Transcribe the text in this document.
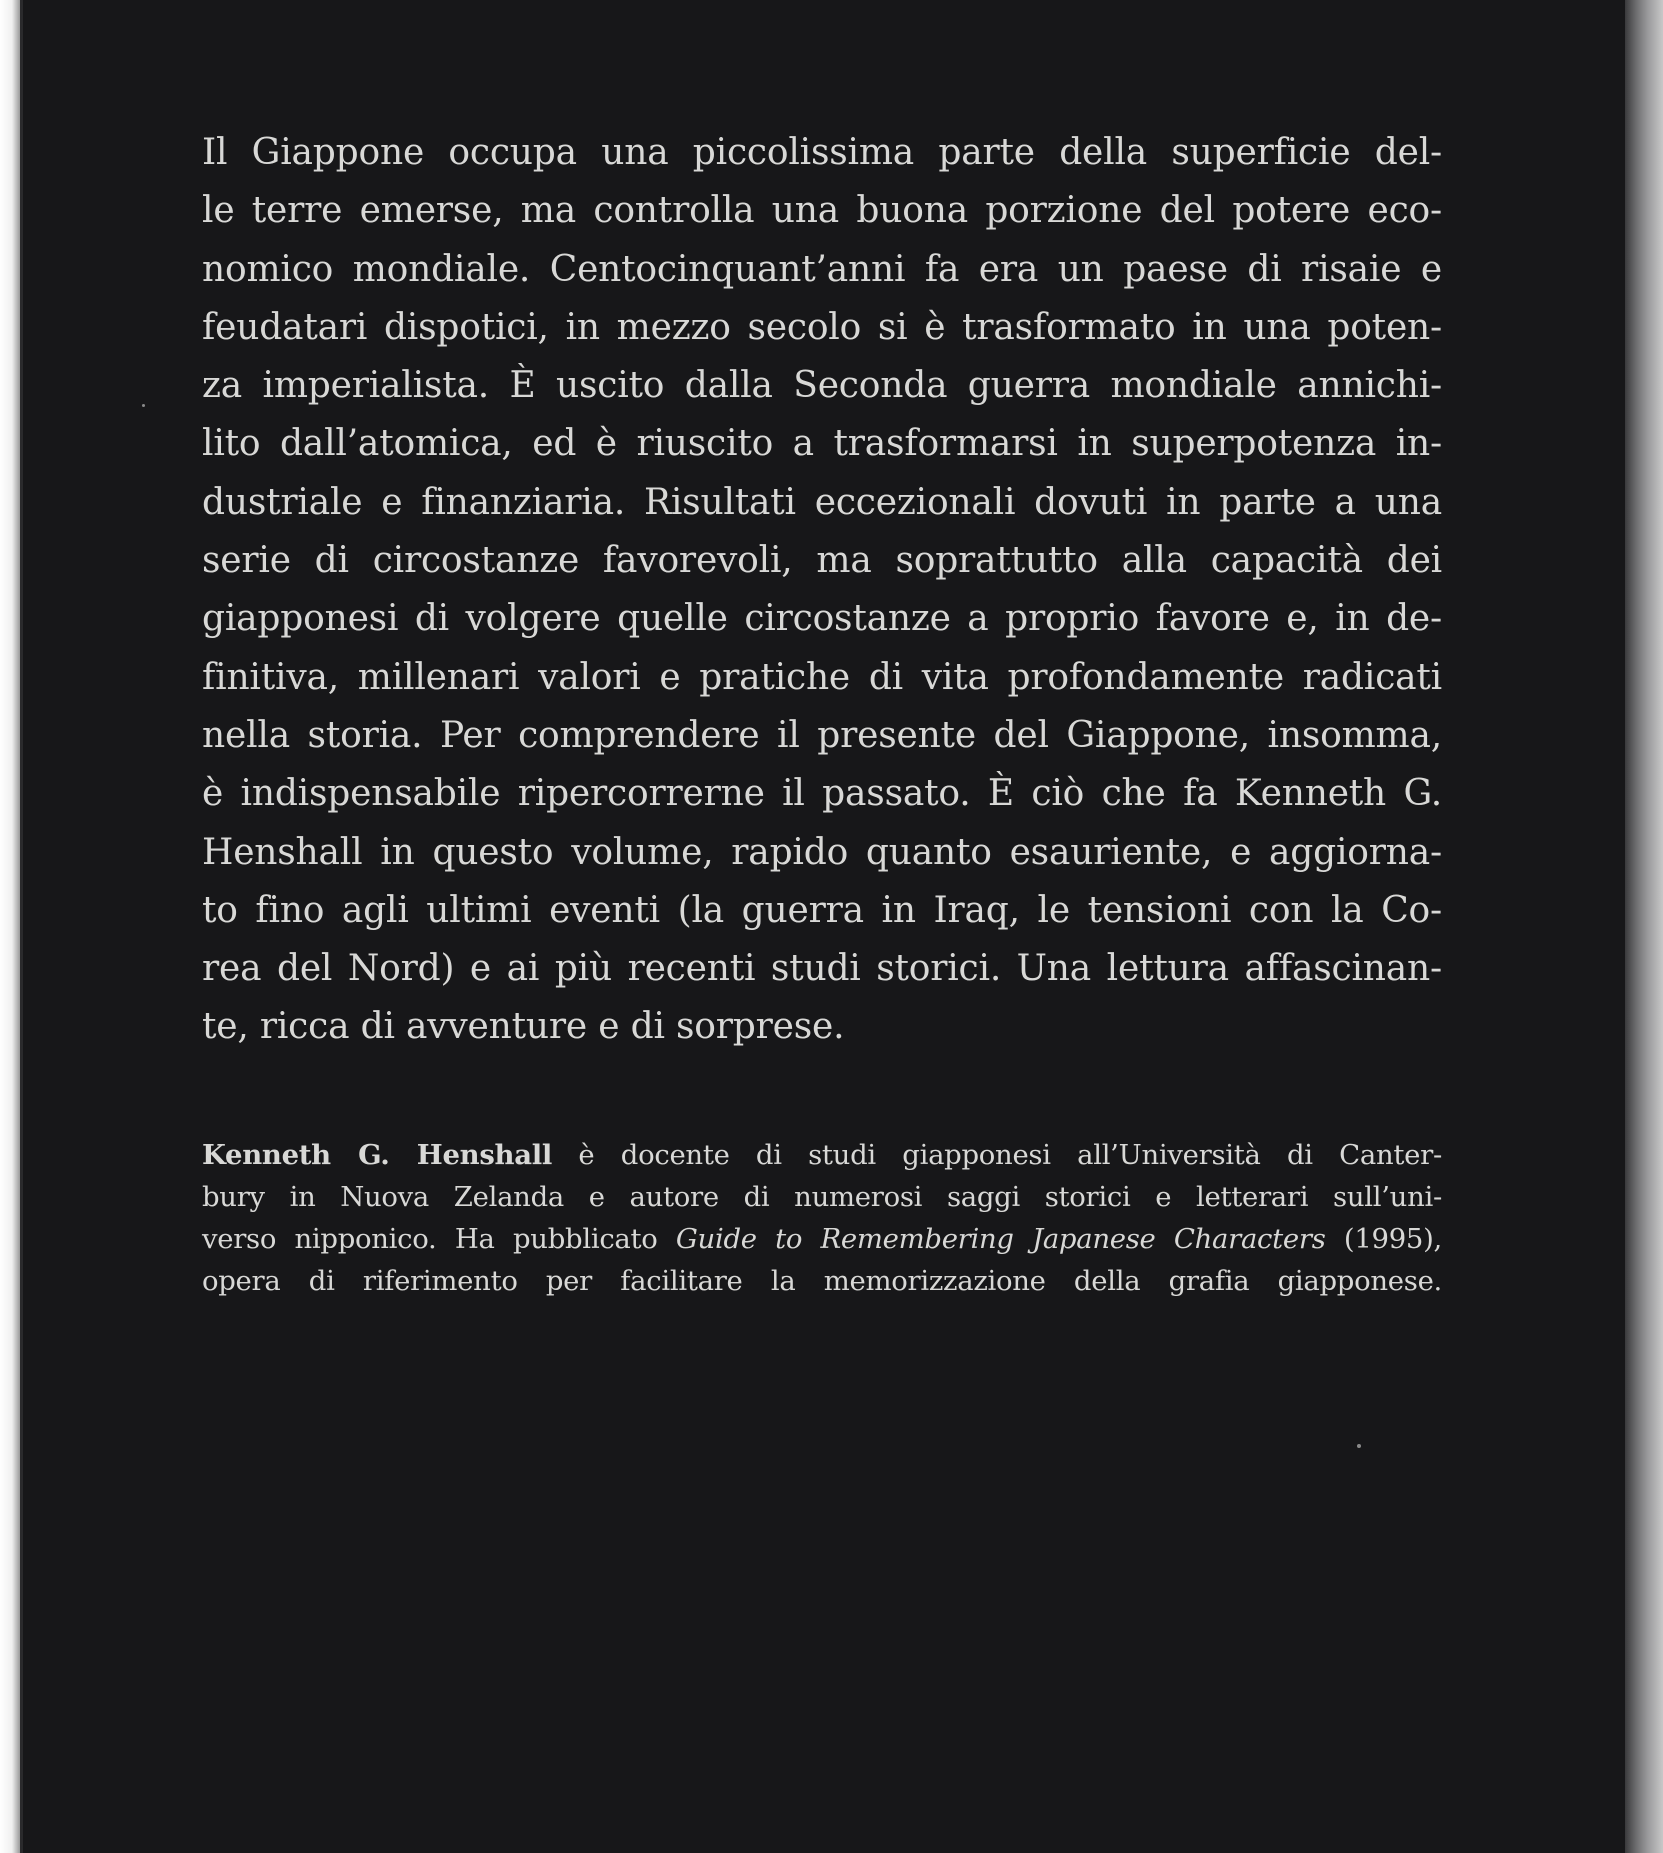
Il Giappone occupa una piccolissima parte della superficie del-
le terre emerse, ma controlla una buona porzione del potere eco-
nomico mondiale. Centocinquant’anni fa era un paese di risaie e
feudatari dispotici, in mezzo secolo si è trasformato in una poten-
za imperialista. È uscito dalla Seconda guerra mondiale annichi-
lito dall’atomica, ed è riuscito a trasformarsi in superpotenza in-
dustriale e finanziaria. Risultati eccezionali dovuti in parte a una
serie di circostanze favorevoli, ma soprattutto alla capacità dei
giapponesi di volgere quelle circostanze a proprio favore e, in de-
finitiva, millenari valori e pratiche di vita profondamente radicati
nella storia. Per comprendere il presente del Giappone, insomma,
è indispensabile ripercorrerne il passato. È ciò che fa Kenneth G.
Henshall in questo volume, rapido quanto esauriente, e aggiorna-
to fino agli ultimi eventi (la guerra in Iraq, le tensioni con la Co-
rea del Nord) e ai più recenti studi storici. Una lettura affascinan-
te, ricca di avventure e di sorprese.
Kenneth G. Henshall è docente di studi giapponesi all’Università di Canter-
bury in Nuova Zelanda e autore di numerosi saggi storici e letterari sull’uni-
verso nipponico. Ha pubblicato Guide to Remembering Japanese Characters (1995),
opera di riferimento per facilitare la memorizzazione della grafia giapponese.
